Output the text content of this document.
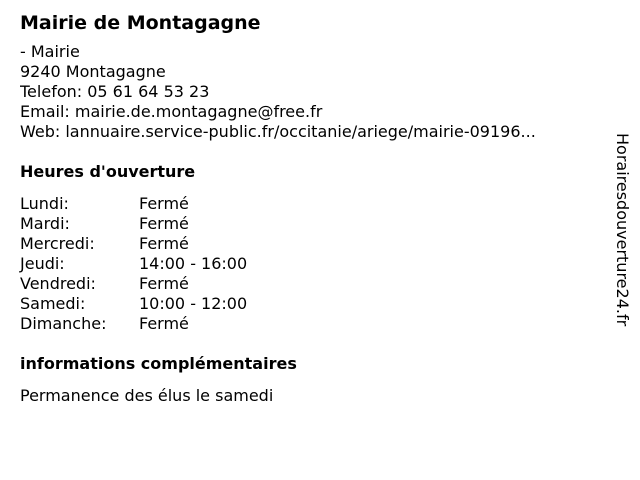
Mairie de Montagagne
- Mairie
9240 Montagagne
Telefon: 05 61 64 53 23
Email: mairie.de.montagagne@free.fr
Web: lannuaire.service-public.fr/occitanie/ariege/mairie-09196...
Heures d'ouverture
Lundi:	Fermé
Mardi:	Fermé
Mercredi:	Fermé
Jeudi:	14:00 - 16:00
Vendredi:	Fermé
Samedi:	10:00 - 12:00
Dimanche:	Fermé
informations complémentaires
Permanence des élus le samedi
Horairesdouverture24.fr
